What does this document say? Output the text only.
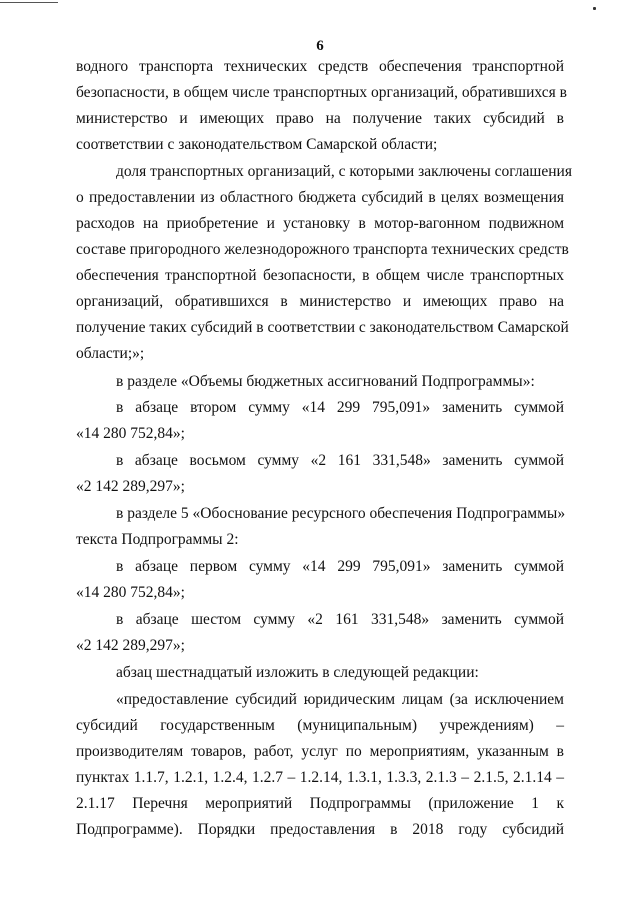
6
водного транспорта технических средств обеспечения транспортной
безопасности, в общем числе транспортных организаций, обратившихся в
министерство и имеющих право на получение таких субсидий в
соответствии с законодательством Самарской области;
доля транспортных организаций, с которыми заключены соглашения
о предоставлении из областного бюджета субсидий в целях возмещения
расходов на приобретение и установку в мотор-вагонном подвижном
составе пригородного железнодорожного транспорта технических средств
обеспечения транспортной безопасности, в общем числе транспортных
организаций, обратившихся в министерство и имеющих право на
получение таких субсидий в соответствии с законодательством Самарской
области;»;
в разделе «Объемы бюджетных ассигнований Подпрограммы»:
в абзаце втором сумму «14 299 795,091» заменить суммой
«14 280 752,84»;
в абзаце восьмом сумму «2 161 331,548» заменить суммой
«2 142 289,297»;
в разделе 5 «Обоснование ресурсного обеспечения Подпрограммы»
текста Подпрограммы 2:
в абзаце первом сумму «14 299 795,091» заменить суммой
«14 280 752,84»;
в абзаце шестом сумму «2 161 331,548» заменить суммой
«2 142 289,297»;
абзац шестнадцатый изложить в следующей редакции:
«предоставление субсидий юридическим лицам (за исключением
субсидий государственным (муниципальным) учреждениям) –
производителям товаров, работ, услуг по мероприятиям, указанным в
пунктах 1.1.7, 1.2.1, 1.2.4, 1.2.7 – 1.2.14, 1.3.1, 1.3.3, 2.1.3 – 2.1.5, 2.1.14 –
2.1.17 Перечня мероприятий Подпрограммы (приложение 1 к
Подпрограмме). Порядки предоставления в 2018 году субсидий
